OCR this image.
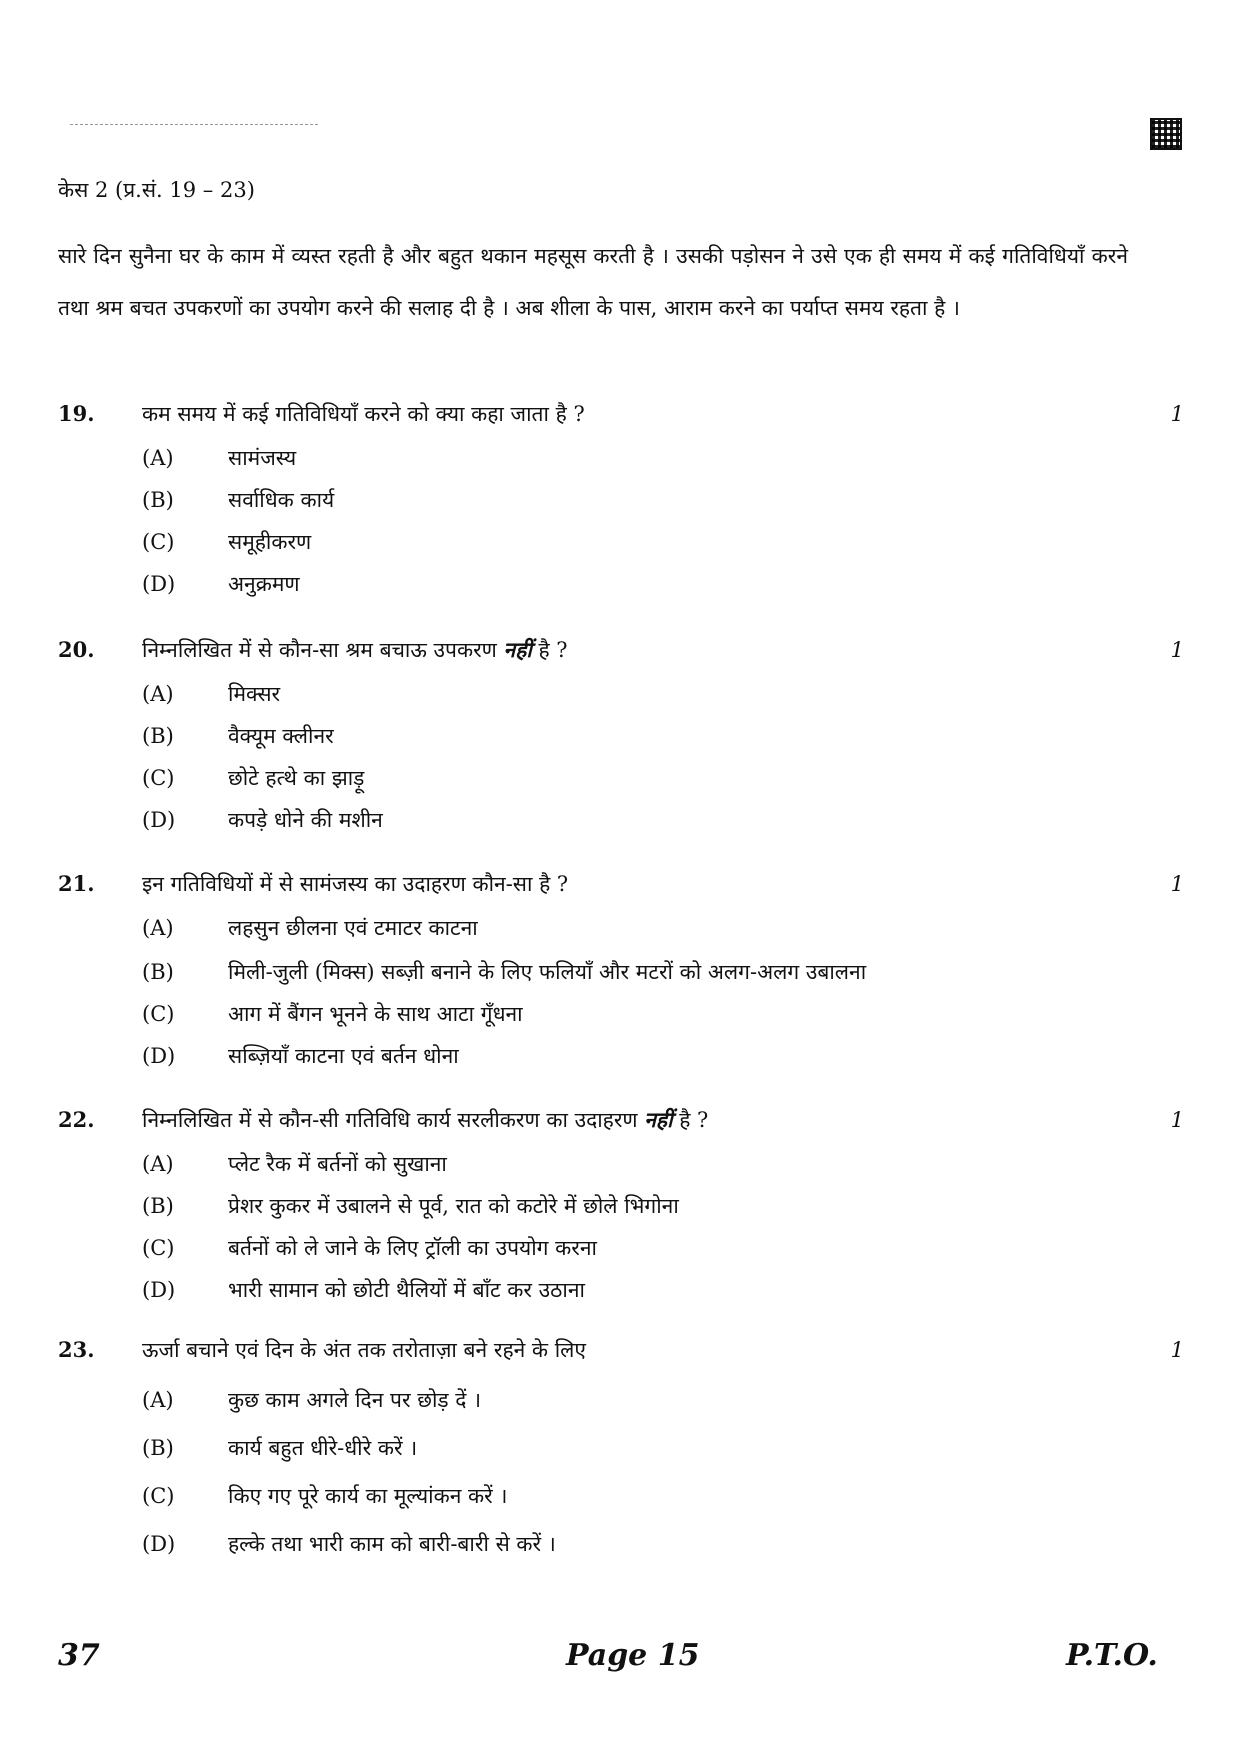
केस 2 (प्र.सं. 19 – 23)
सारे दिन सुनैना घर के काम में व्यस्त रहती है और बहुत थकान महसूस करती है । उसकी पड़ोसन ने उसे एक ही समय में कई गतिविधियाँ करने तथा श्रम बचत उपकरणों का उपयोग करने की सलाह दी है । अब शीला के पास, आराम करने का पर्याप्त समय रहता है ।
19.	कम समय में कई गतिविधियाँ करने को क्या कहा जाता है ?	1
(A)	सामंजस्य
(B)	सर्वाधिक कार्य
(C)	समूहीकरण
(D)	अनुक्रमण
20.	निम्नलिखित में से कौन-सा श्रम बचाऊ उपकरण नहीं है ?	1
(A)	मिक्सर
(B)	वैक्यूम क्लीनर
(C)	छोटे हत्थे का झाड़ू
(D)	कपड़े धोने की मशीन
21.	इन गतिविधियों में से सामंजस्य का उदाहरण कौन-सा है ?	1
(A)	लहसुन छीलना एवं टमाटर काटना
(B)	मिली-जुली (मिक्स) सब्ज़ी बनाने के लिए फलियाँ और मटरों को अलग-अलग उबालना
(C)	आग में बैंगन भूनने के साथ आटा गूँधना
(D)	सब्ज़ियाँ काटना एवं बर्तन धोना
22.	निम्नलिखित में से कौन-सी गतिविधि कार्य सरलीकरण का उदाहरण नहीं है ?	1
(A)	प्लेट रैक में बर्तनों को सुखाना
(B)	प्रेशर कुकर में उबालने से पूर्व, रात को कटोरे में छोले भिगोना
(C)	बर्तनों को ले जाने के लिए ट्रॉली का उपयोग करना
(D)	भारी सामान को छोटी थैलियों में बाँट कर उठाना
23.	ऊर्जा बचाने एवं दिन के अंत तक तरोताज़ा बने रहने के लिए	1
(A)	कुछ काम अगले दिन पर छोड़ दें ।
(B)	कार्य बहुत धीरे-धीरे करें ।
(C)	किए गए पूरे कार्य का मूल्यांकन करें ।
(D)	हल्के तथा भारी काम को बारी-बारी से करें ।
37	Page 15	P.T.O.
